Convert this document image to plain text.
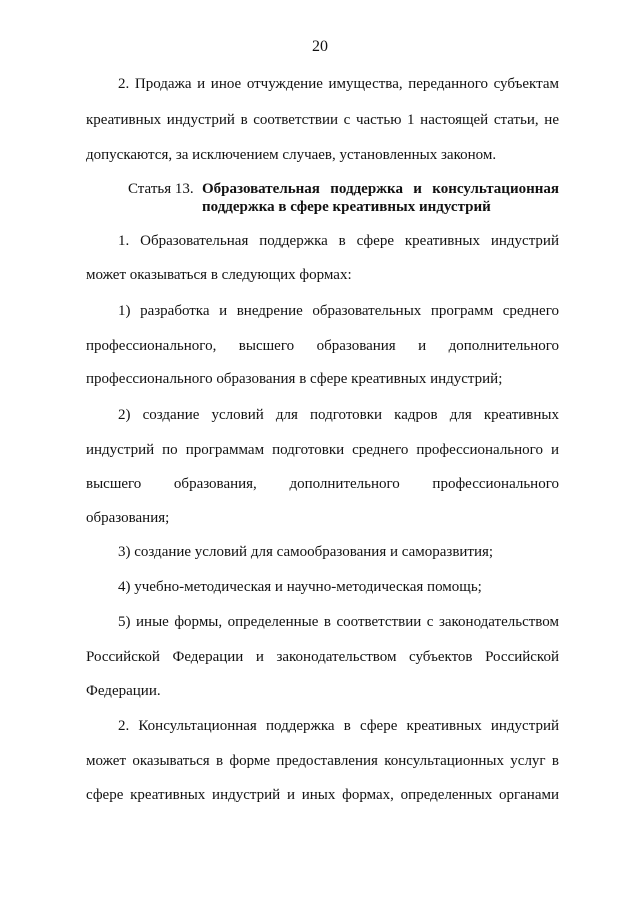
20
2. Продажа и иное отчуждение имущества, переданного субъектам
креативных индустрий в соответствии с частью 1 настоящей статьи, не
допускаются, за исключением случаев, установленных законом.
Статья 13. Образовательная поддержка и консультационная
поддержка в сфере креативных индустрий
1. Образовательная поддержка в сфере креативных индустрий
может оказываться в следующих формах:
1) разработка и внедрение образовательных программ среднего
профессионального, высшего образования и дополнительного
профессионального образования в сфере креативных индустрий;
2) создание условий для подготовки кадров для креативных
индустрий по программам подготовки среднего профессионального и
высшего образования, дополнительного профессионального
образования;
3) создание условий для самообразования и саморазвития;
4) учебно-методическая и научно-методическая помощь;
5) иные формы, определенные в соответствии с законодательством
Российской Федерации и законодательством субъектов Российской
Федерации.
2. Консультационная поддержка в сфере креативных индустрий
может оказываться в форме предоставления консультационных услуг в
сфере креативных индустрий и иных формах, определенных органами
